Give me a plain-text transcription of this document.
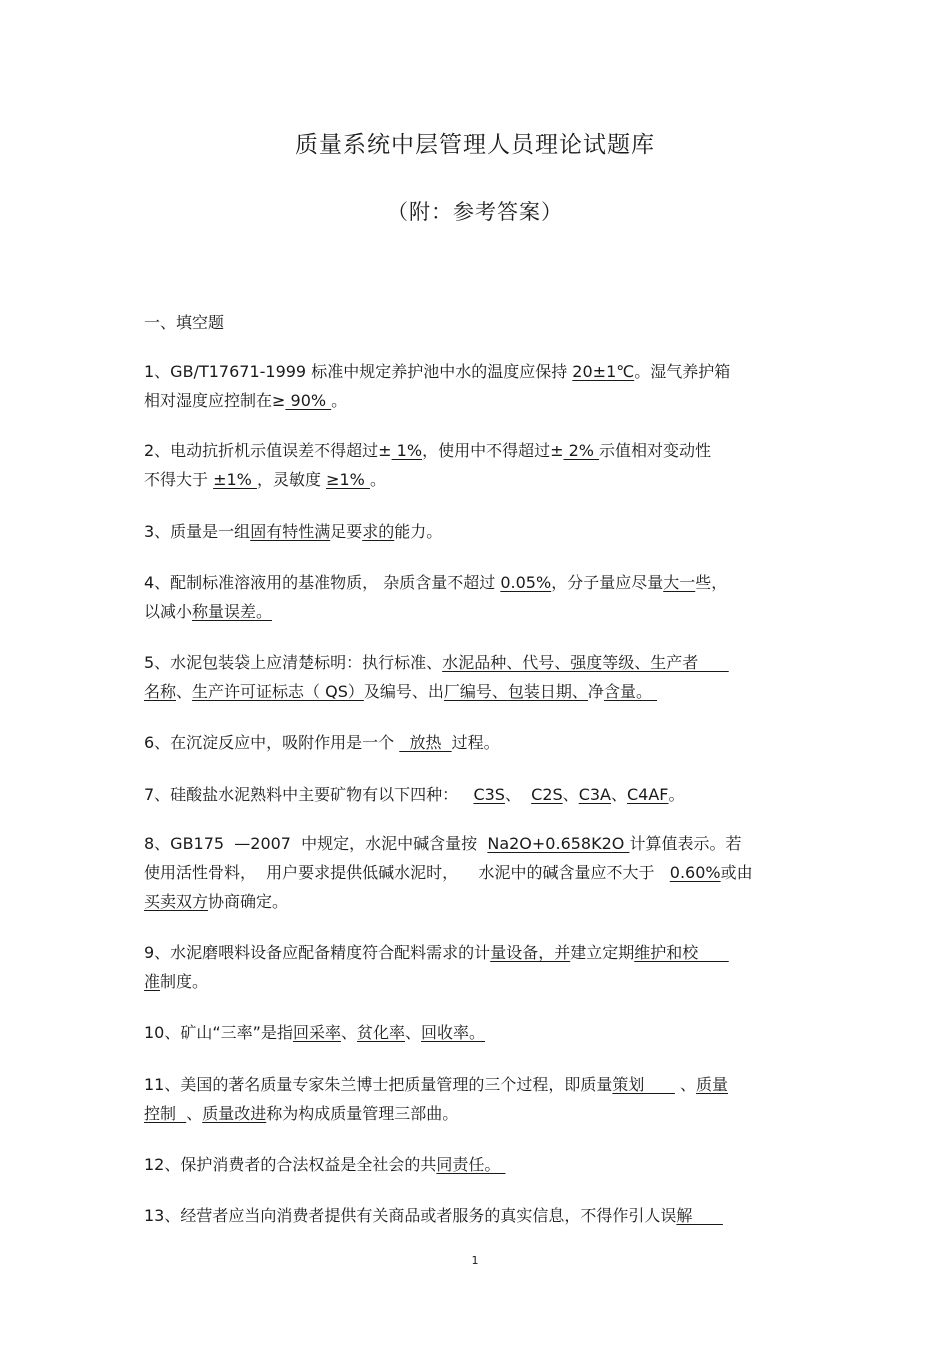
质量系统中层管理人员理论试题库
（附：参考答案）
一、填空题
1、GB/T17671-1999 标准中规定养护池中水的温度应保持 20±1℃。湿气养护箱
相对湿度应控制在≥ 90% 。
2、电动抗折机示值误差不得超过± 1%，使用中不得超过± 2% 示值相对变动性
不得大于 ±1% ，灵敏度 ≥1% 。
3、质量是一组固有特性满足要求的能力。
4、配制标准溶液用的基准物质， 杂质含量不超过 0.05%，分子量应尽量大一些，
以减小称量误差。
5、水泥包装袋上应清楚标明：执行标准、水泥品种、代号、强度等级、生产者
名称、生产许可证标志（ QS）及编号、出厂编号、包装日期、净含量。
6、在沉淀反应中，吸附作用是一个   放热  过程。
7、硅酸盐水泥熟料中主要矿物有以下四种：   C3S、  C2S、C3A、C4AF。
8、GB175  —2007  中规定，水泥中碱含量按  Na2O+0.658K2O 计算值表示。若
使用活性骨料，  用户要求提供低碱水泥时，    水泥中的碱含量应不大于   0.60%或由
买卖双方协商确定。
9、水泥磨喂料设备应配备精度符合配料需求的计量设备，并建立定期维护和校
准制度。
10、矿山“三率”是指回采率、贫化率、回收率。
11、美国的著名质量专家朱兰博士把质量管理的三个过程，即质量策划       、质量
控制  、质量改进称为构成质量管理三部曲。
12、保护消费者的合法权益是全社会的共同责任。
13、经营者应当向消费者提供有关商品或者服务的真实信息，不得作引人误解
1
